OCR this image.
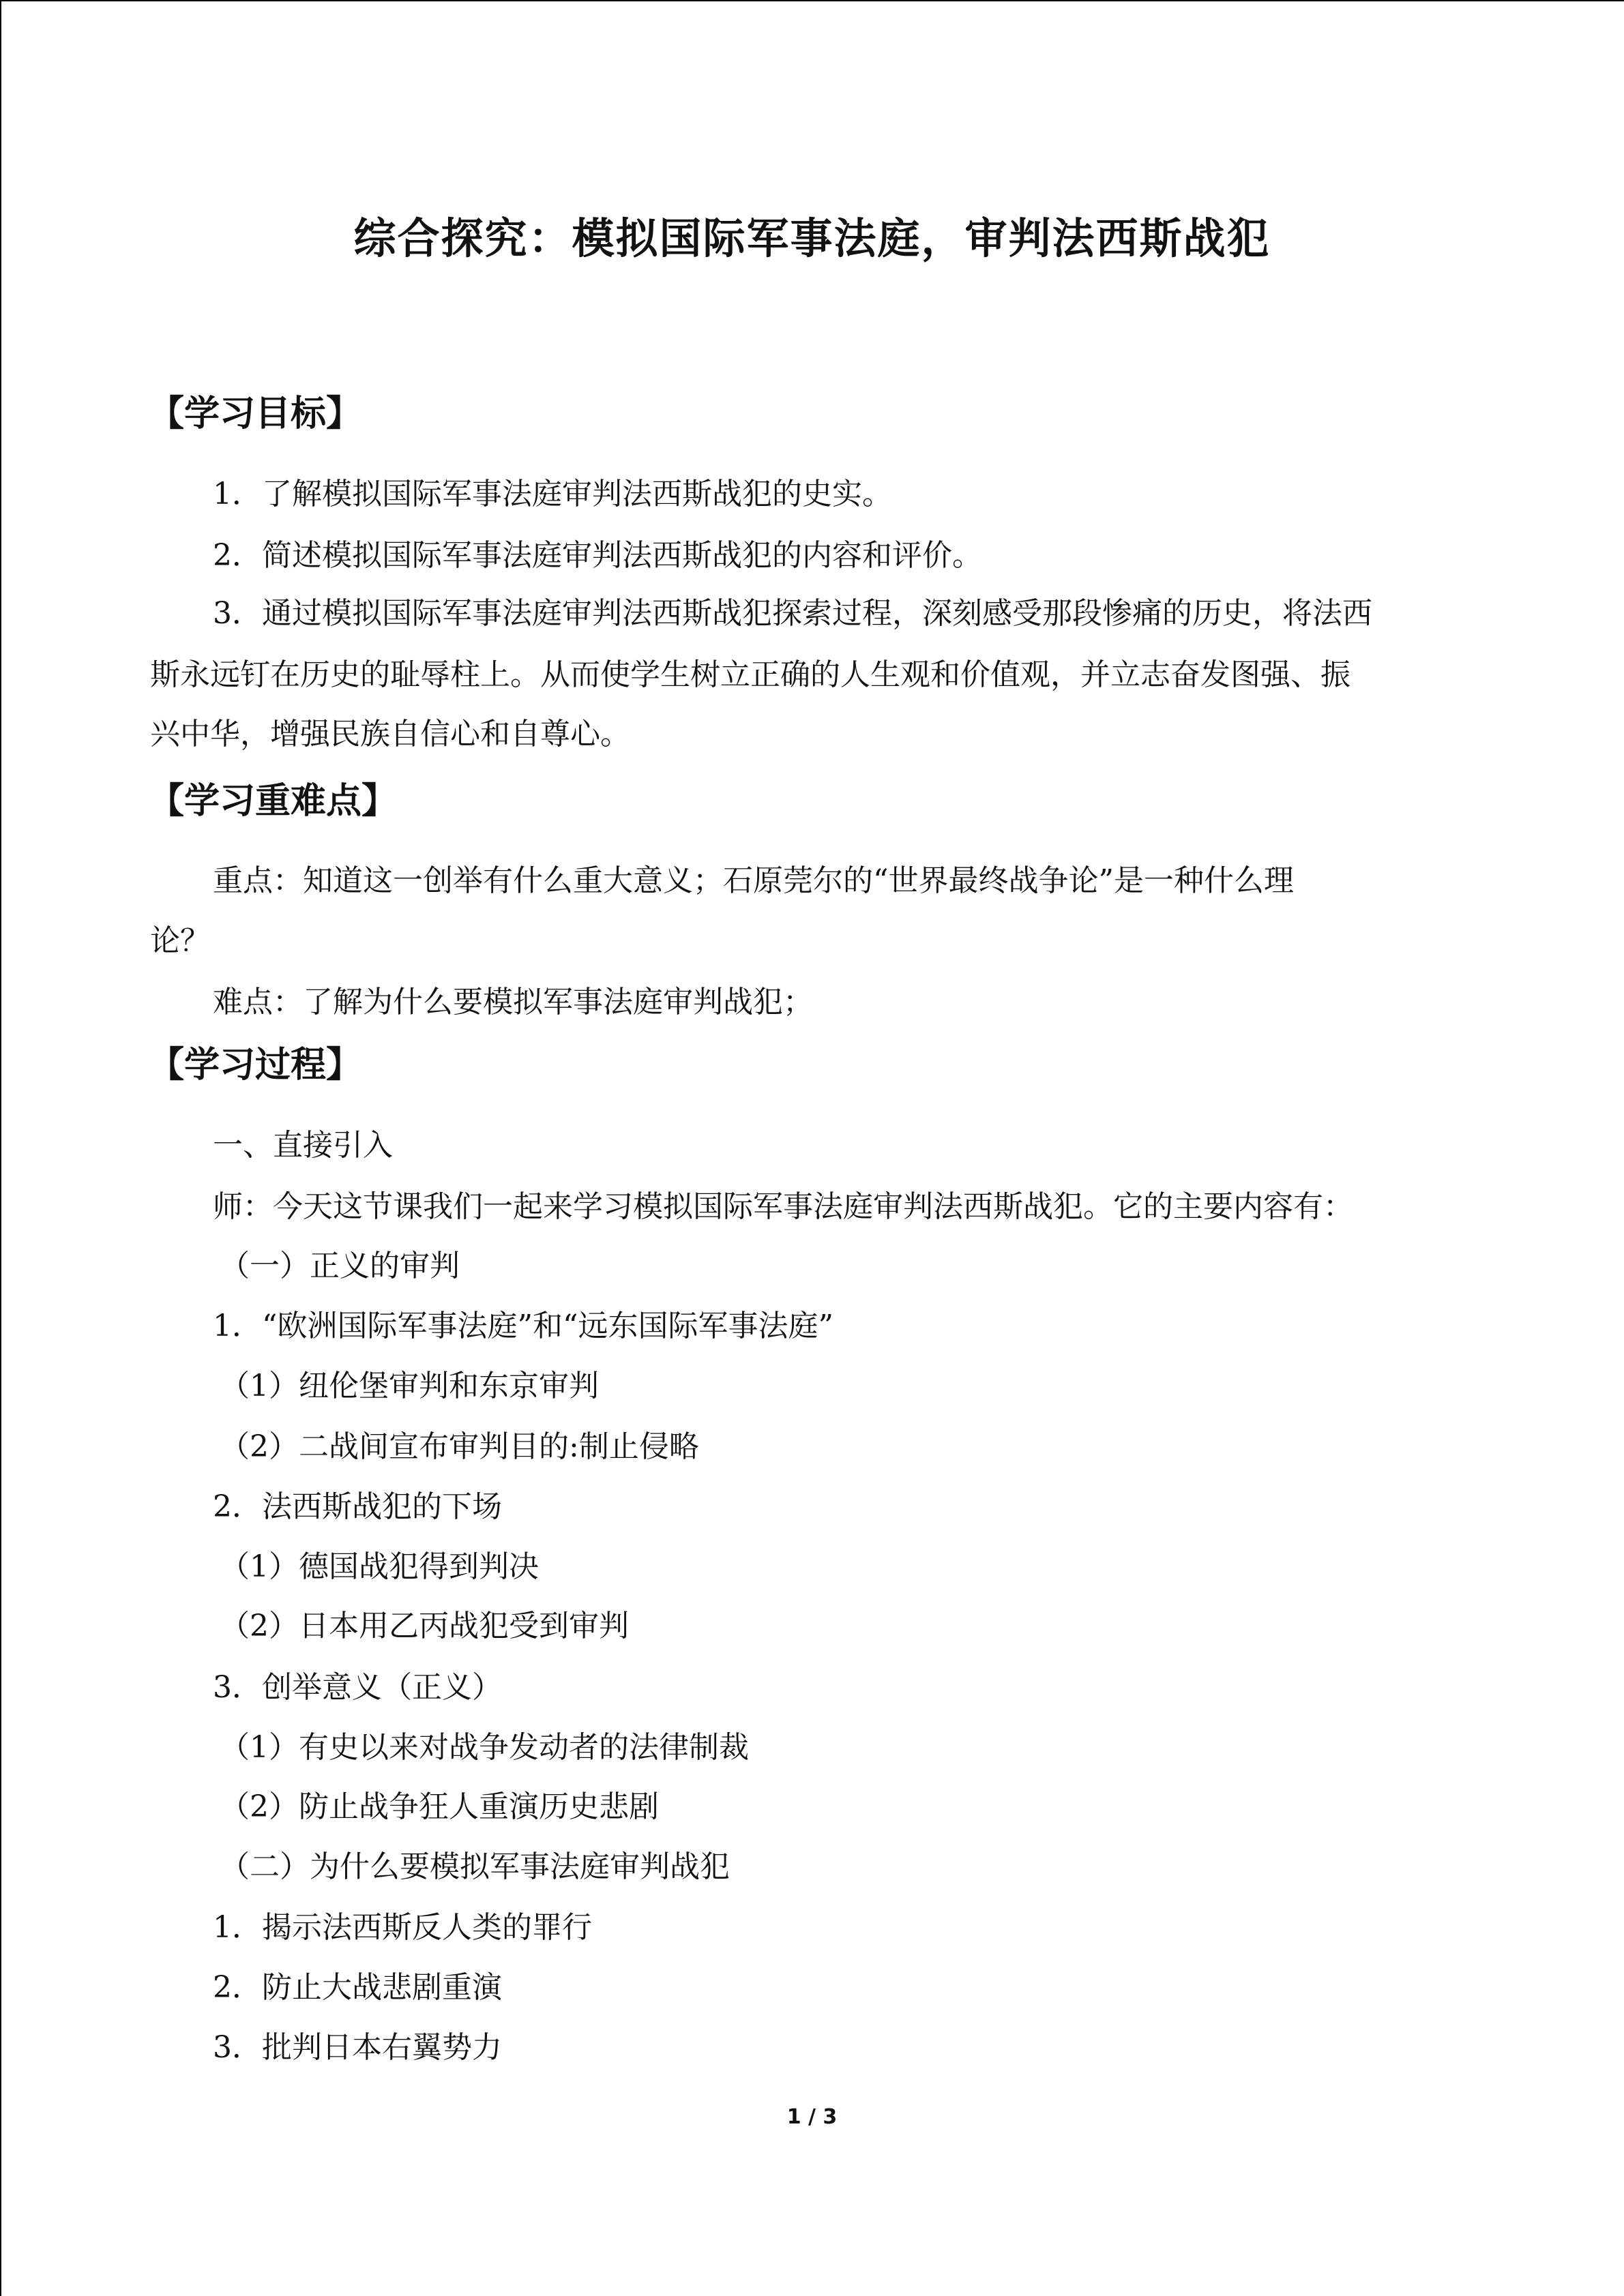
综合探究：模拟国际军事法庭，审判法西斯战犯
【学习目标】
1．了解模拟国际军事法庭审判法西斯战犯的史实。
2．简述模拟国际军事法庭审判法西斯战犯的内容和评价。
3．通过模拟国际军事法庭审判法西斯战犯探索过程，深刻感受那段惨痛的历史，将法西
斯永远钉在历史的耻辱柱上。从而使学生树立正确的人生观和价值观，并立志奋发图强、振
兴中华，增强民族自信心和自尊心。
【学习重难点】
重点：知道这一创举有什么重大意义；石原莞尔的“世界最终战争论”是一种什么理
论？
难点：了解为什么要模拟军事法庭审判战犯；
【学习过程】
一、直接引入
师：今天这节课我们一起来学习模拟国际军事法庭审判法西斯战犯。它的主要内容有：
（一）正义的审判
1．“欧洲国际军事法庭”和“远东国际军事法庭”
（1）纽伦堡审判和东京审判
（2）二战间宣布审判目的:制止侵略
2．法西斯战犯的下场
（1）德国战犯得到判决
（2）日本用乙丙战犯受到审判
3．创举意义（正义）
（1）有史以来对战争发动者的法律制裁
（2）防止战争狂人重演历史悲剧
（二）为什么要模拟军事法庭审判战犯
1．揭示法西斯反人类的罪行
2．防止大战悲剧重演
3．批判日本右翼势力
1 / 3
